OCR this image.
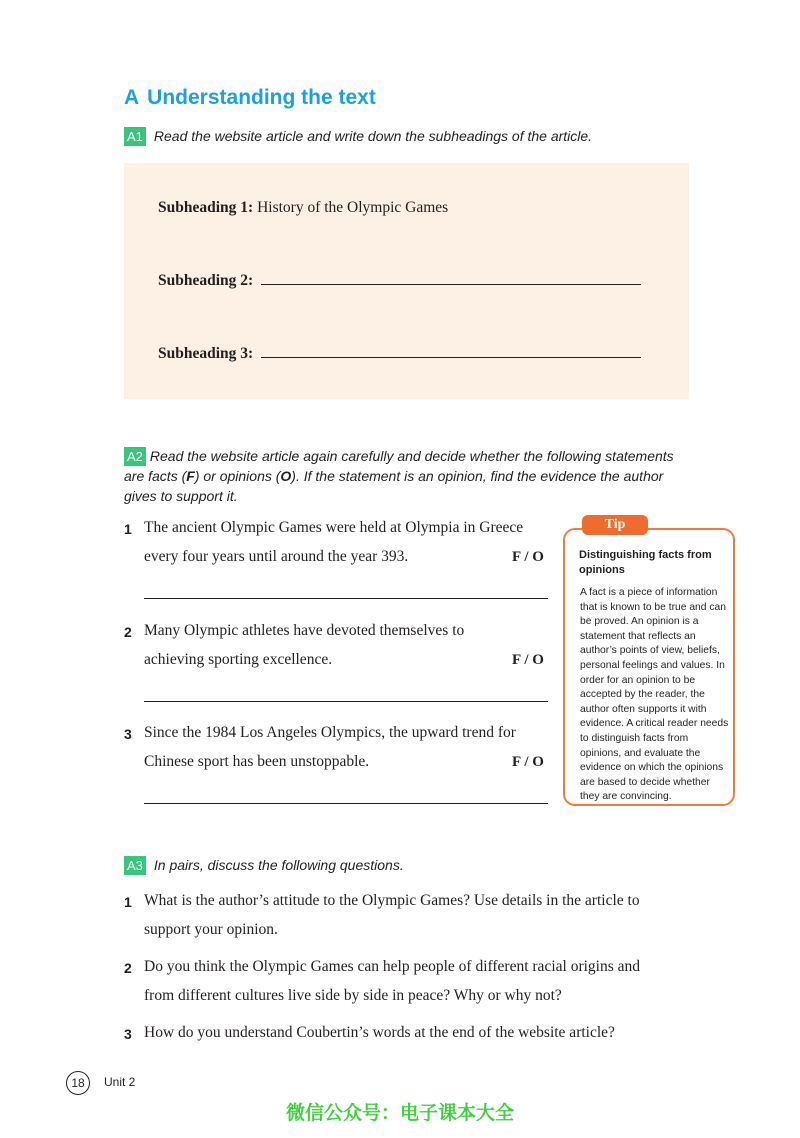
A Understanding the text
A1 Read the website article and write down the subheadings of the article.
Subheading 1: History of the Olympic Games
Subheading 2:
Subheading 3:
A2 Read the website article again carefully and decide whether the following statements are facts (F) or opinions (O). If the statement is an opinion, find the evidence the author gives to support it.
1 The ancient Olympic Games were held at Olympia in Greece
every four years until around the year 393.	F / O
2 Many Olympic athletes have devoted themselves to
achieving sporting excellence.	F / O
3 Since the 1984 Los Angeles Olympics, the upward trend for
Chinese sport has been unstoppable.	F / O
Distinguishing facts from opinions
A fact is a piece of information that is known to be true and can be proved. An opinion is a statement that reflects an author’s points of view, beliefs, personal feelings and values. In order for an opinion to be accepted by the reader, the author often supports it with evidence. A critical reader needs to distinguish facts from opinions, and evaluate the evidence on which the opinions are based to decide whether they are convincing.
Tip
A3 In pairs, discuss the following questions.
1 What is the author’s attitude to the Olympic Games? Use details in the article to
support your opinion.
2 Do you think the Olympic Games can help people of different racial origins and
from different cultures live side by side in peace? Why or why not?
3 How do you understand Coubertin’s words at the end of the website article?
18	Unit 2
微信公众号：电子课本大全
